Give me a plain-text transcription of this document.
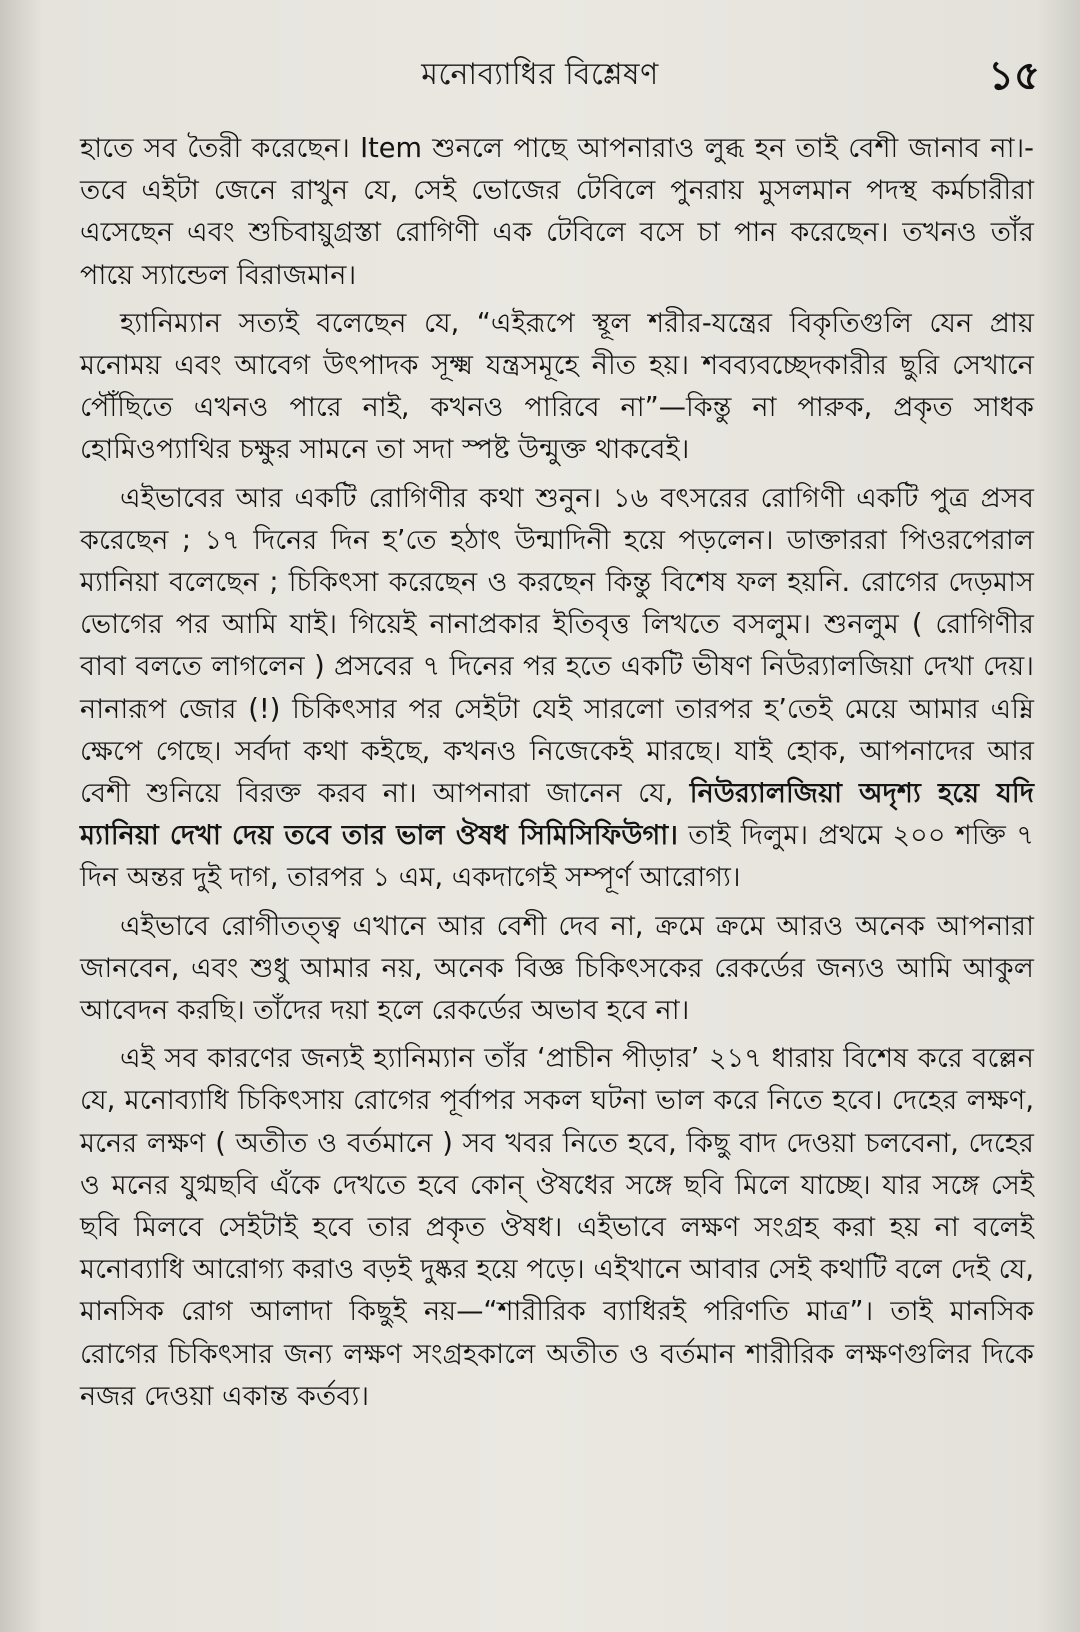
মনোব্যাধির বিশ্লেষণ	১৫

হাতে সব তৈরী করেছেন। Item শুনলে পাছে আপনারাও লুব্ধ হন তাই বেশী জানাব না।- তবে এইটা জেনে রাখুন যে, সেই ভোজের টেবিলে পুনরায় মুসলমান পদস্থ কর্মচারীরা এসেছেন এবং শুচিবায়ুগ্রস্তা রোগিণী এক টেবিলে বসে চা পান করেছেন। তখনও তাঁর পায়ে স্যান্ডেল বিরাজমান।

হ্যানিম্যান সত্যই বলেছেন যে, “এইরূপে স্থূল শরীর-যন্ত্রের বিকৃতিগুলি যেন প্রায় মনোময় এবং আবেগ উৎপাদক সূক্ষ্ম যন্ত্রসমূহে নীত হয়। শবব্যবচ্ছেদকারীর ছুরি সেখানে পৌঁছিতে এখনও পারে নাই, কখনও পারিবে না”—কিন্তু না পারুক, প্রকৃত সাধক হোমিওপ্যাথির চক্ষুর সামনে তা সদা স্পষ্ট উন্মুক্ত থাকবেই।

এইভাবের আর একটি রোগিণীর কথা শুনুন। ১৬ বৎসরের রোগিণী একটি পুত্র প্রসব করেছেন ; ১৭ দিনের দিন হ’তে হঠাৎ উন্মাদিনী হয়ে পড়লেন। ডাক্তাররা পিওরপেরাল ম্যানিয়া বলেছেন ; চিকিৎসা করেছেন ও করছেন কিন্তু বিশেষ ফল হয়নি. রোগের দেড়মাস ভোগের পর আমি যাই। গিয়েই নানাপ্রকার ইতিবৃত্ত লিখতে বসলুম। শুনলুম ( রোগিণীর বাবা বলতে লাগলেন ) প্রসবের ৭ দিনের পর হতে একটি ভীষণ নিউর‍্যালজিয়া দেখা দেয়। নানারূপ জোর (!) চিকিৎসার পর সেইটা যেই সারলো তারপর হ’তেই মেয়ে আমার এম্নি ক্ষেপে গেছে। সর্বদা কথা কইছে, কখনও নিজেকেই মারছে। যাই হোক, আপনাদের আর বেশী শুনিয়ে বিরক্ত করব না। আপনারা জানেন যে, নিউর‍্যালজিয়া অদৃশ্য হয়ে যদি ম্যানিয়া দেখা দেয় তবে তার ভাল ঔষধ সিমিসিফিউগা। তাই দিলুম। প্রথমে ২০০ শক্তি ৭ দিন অন্তর দুই দাগ, তারপর ১ এম, একদাগেই সম্পূর্ণ আরোগ্য।

এইভাবে রোগীতত্ত্ব এখানে আর বেশী দেব না, ক্রমে ক্রমে আরও অনেক আপনারা জানবেন, এবং শুধু আমার নয়, অনেক বিজ্ঞ চিকিৎসকের রেকর্ডের জন্যও আমি আকুল আবেদন করছি। তাঁদের দয়া হলে রেকর্ডের অভাব হবে না।

এই সব কারণের জন্যই হ্যানিম্যান তাঁর ‘প্রাচীন পীড়ার’ ২১৭ ধারায় বিশেষ করে বল্লেন যে, মনোব্যাধি চিকিৎসায় রোগের পূর্বাপর সকল ঘটনা ভাল করে নিতে হবে। দেহের লক্ষণ, মনের লক্ষণ ( অতীত ও বর্তমানে ) সব খবর নিতে হবে, কিছু বাদ দেওয়া চলবেনা, দেহের ও মনের যুগ্মছবি এঁকে দেখতে হবে কোন্ ঔষধের সঙ্গে ছবি মিলে যাচ্ছে। যার সঙ্গে সেই ছবি মিলবে সেইটাই হবে তার প্রকৃত ঔষধ। এইভাবে লক্ষণ সংগ্রহ করা হয় না বলেই মনোব্যাধি আরোগ্য করাও বড়ই দুষ্কর হয়ে পড়ে। এইখানে আবার সেই কথাটি বলে দেই যে, মানসিক রোগ আলাদা কিছুই নয়—“শারীরিক ব্যাধিরই পরিণতি মাত্র”। তাই মানসিক রোগের চিকিৎসার জন্য লক্ষণ সংগ্রহকালে অতীত ও বর্তমান শারীরিক লক্ষণগুলির দিকে নজর দেওয়া একান্ত কর্তব্য।
